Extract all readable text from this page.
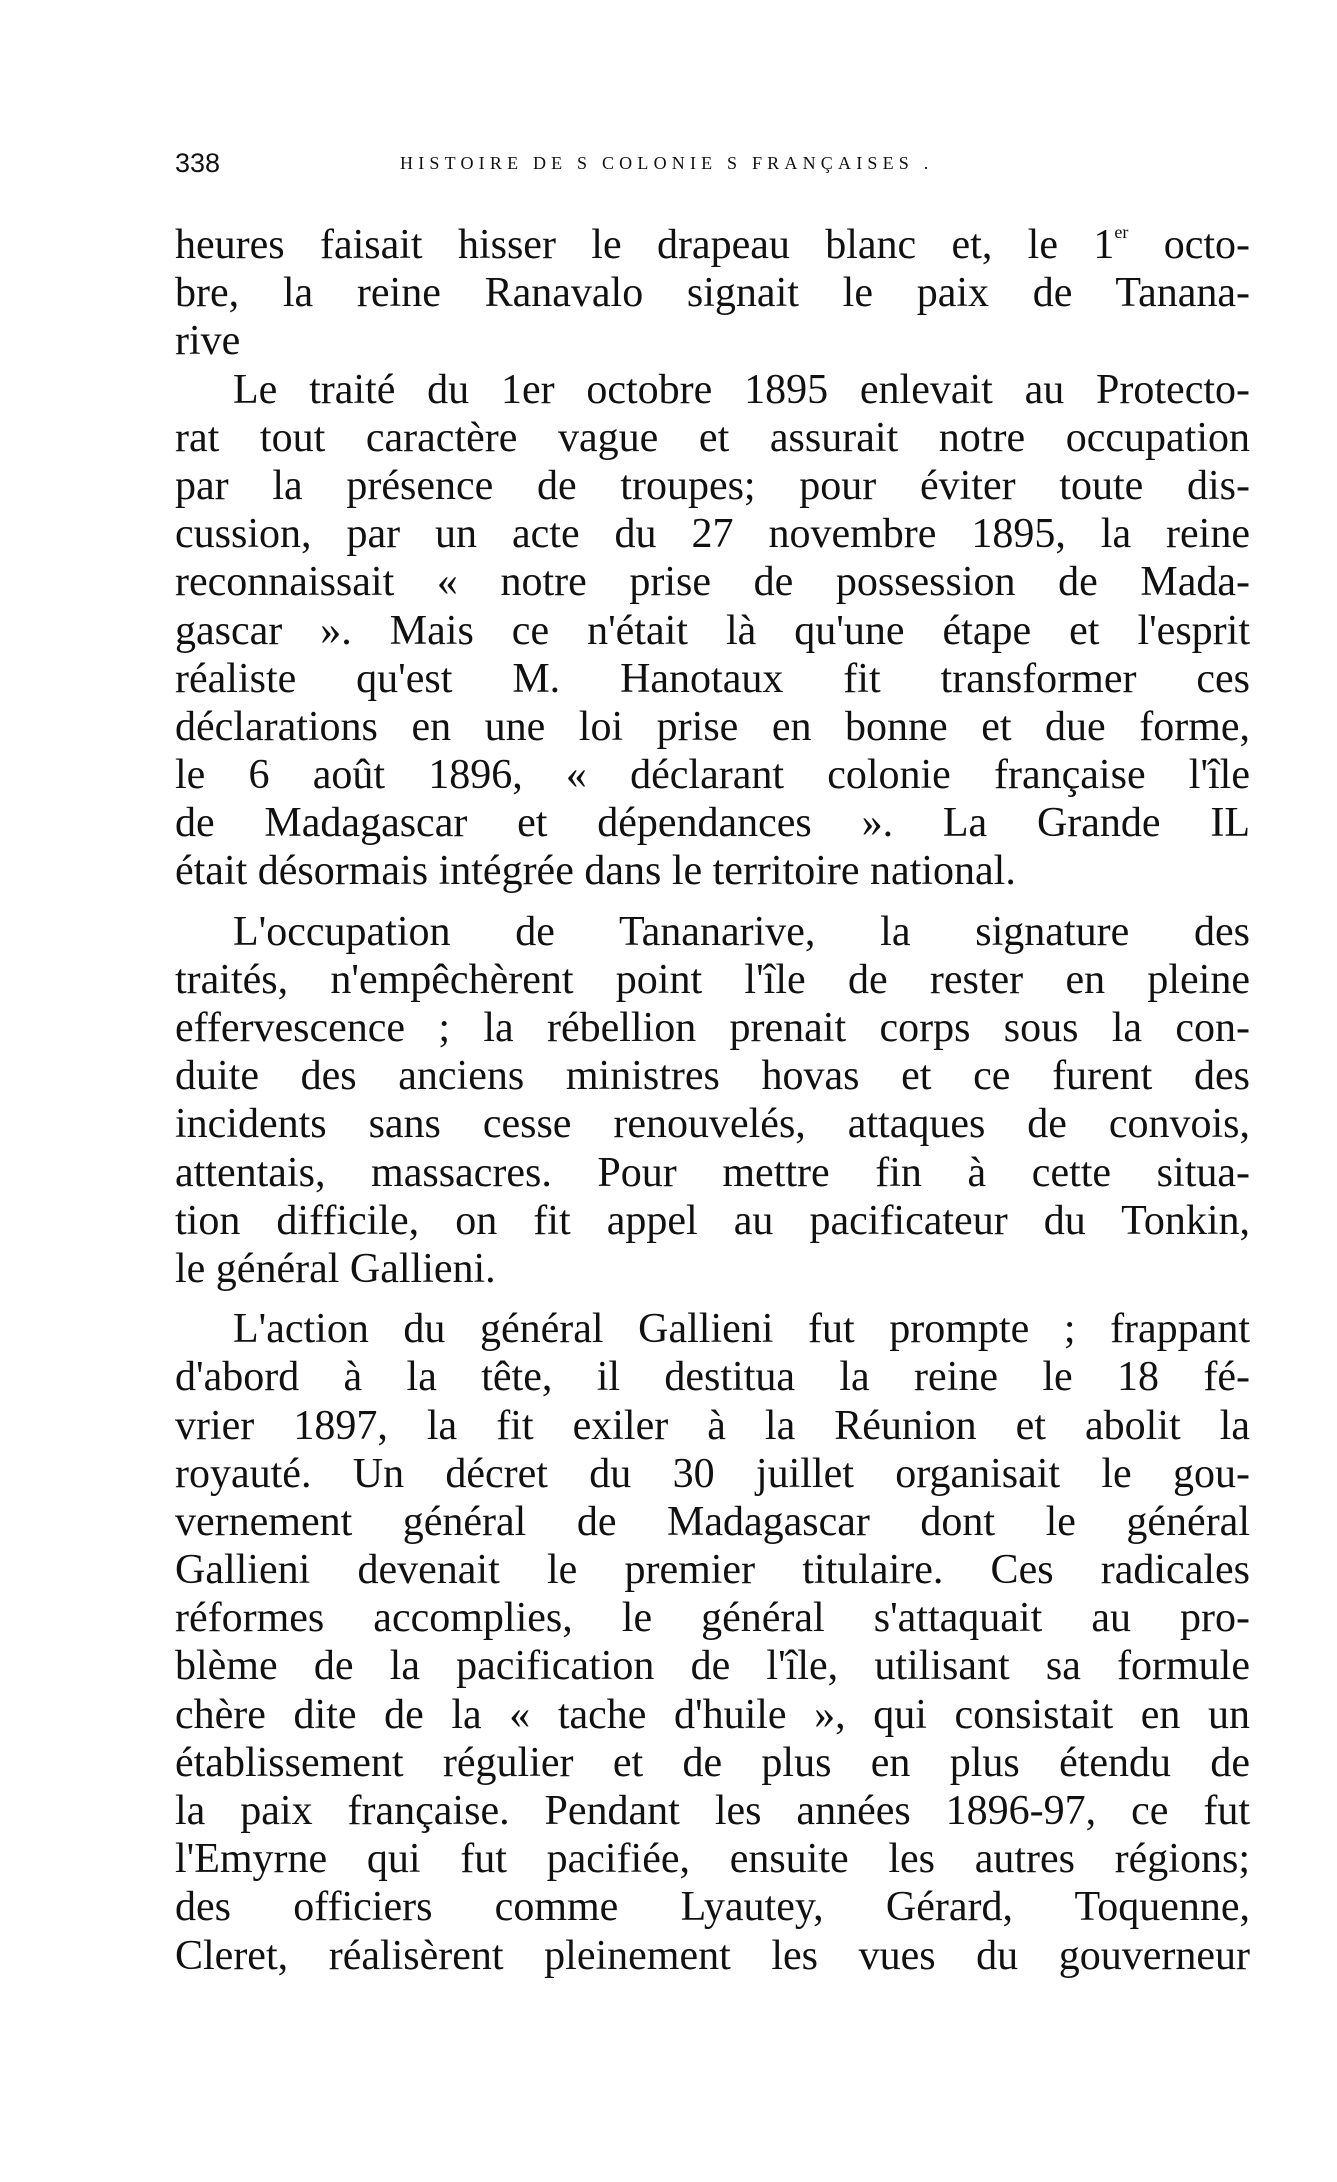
338	HISTOIRE DE S COLONIE S FRANÇAISES .
heures faisait hisser le drapeau blanc et, le 1er octo-
bre, la reine Ranavalo signait le paix de Tanana-
rive
Le traité du 1er octobre 1895 enlevait au Protecto-
rat tout caractère vague et assurait notre occupation
par la présence de troupes; pour éviter toute dis-
cussion, par un acte du 27 novembre 1895, la reine
reconnaissait « notre prise de possession de Mada-
gascar ». Mais ce n'était là qu'une étape et l'esprit
réaliste qu'est M. Hanotaux fit transformer ces
déclarations en une loi prise en bonne et due forme,
le 6 août 1896, « déclarant colonie française l'île
de Madagascar et dépendances ». La Grande IL
était désormais intégrée dans le territoire national.
L'occupation de Tananarive, la signature des
traités, n'empêchèrent point l'île de rester en pleine
effervescence ; la rébellion prenait corps sous la con-
duite des anciens ministres hovas et ce furent des
incidents sans cesse renouvelés, attaques de convois,
attentais, massacres. Pour mettre fin à cette situa-
tion difficile, on fit appel au pacificateur du Tonkin,
le général Gallieni.
L'action du général Gallieni fut prompte ; frappant
d'abord à la tête, il destitua la reine le 18 fé-
vrier 1897, la fit exiler à la Réunion et abolit la
royauté. Un décret du 30 juillet organisait le gou-
vernement général de Madagascar dont le général
Gallieni devenait le premier titulaire. Ces radicales
réformes accomplies, le général s'attaquait au pro-
blème de la pacification de l'île, utilisant sa formule
chère dite de la « tache d'huile », qui consistait en un
établissement régulier et de plus en plus étendu de
la paix française. Pendant les années 1896-97, ce fut
l'Emyrne qui fut pacifiée, ensuite les autres régions;
des officiers comme Lyautey, Gérard, Toquenne,
Cleret, réalisèrent pleinement les vues du gouverneur
